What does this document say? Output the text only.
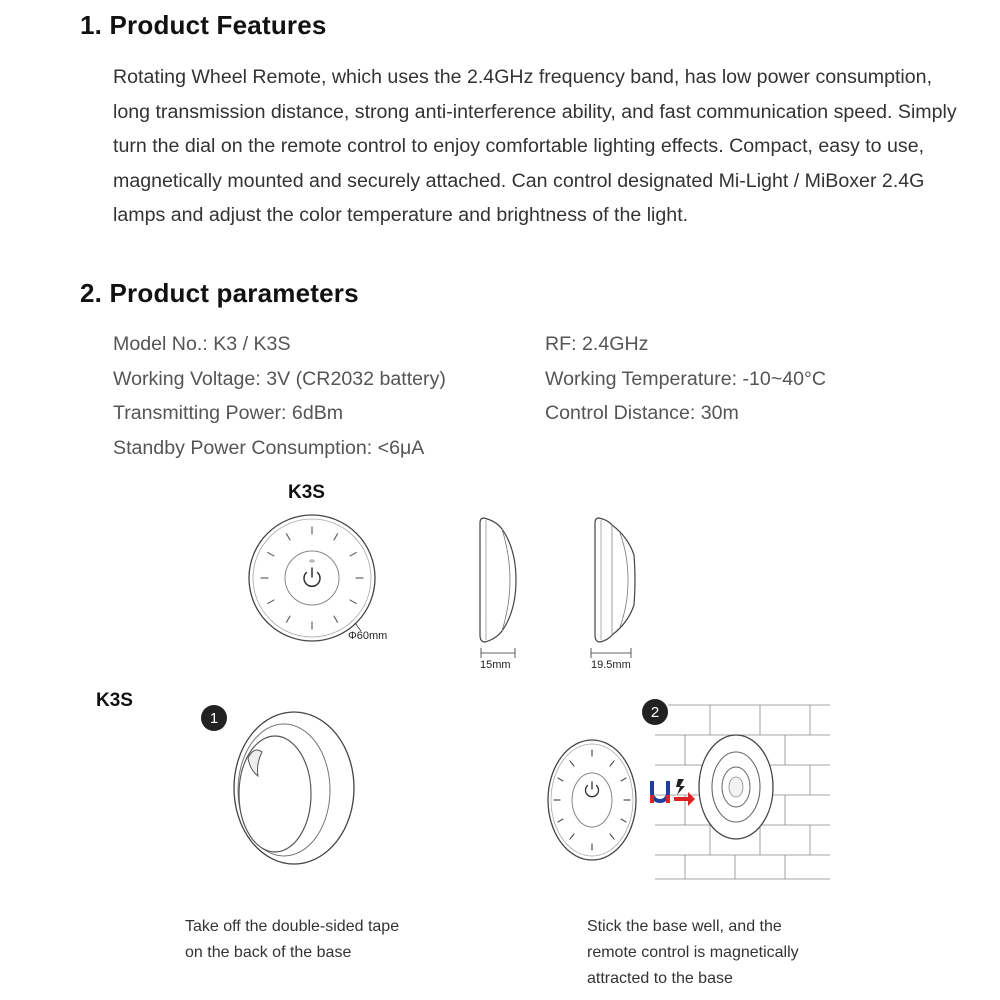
1. Product Features

Rotating Wheel Remote, which uses the 2.4GHz frequency band, has low power consumption, long transmission distance, strong anti-interference ability, and fast communication speed. Simply turn the dial on the remote control to enjoy comfortable lighting effects. Compact, easy to use, magnetically mounted and securely attached. Can control designated Mi-Light / MiBoxer 2.4G lamps and adjust the color temperature and brightness of the light.

2. Product parameters

Model No.: K3 / K3S	RF: 2.4GHz

Working Voltage: 3V (CR2032 battery)	Working Temperature: -10~40°C

Transmitting Power: 6dBm	Control Distance: 30m

Standby Power Consumption: <6μA

K3S

Φ60mm

15mm	19.5mm

K3S

1	2

Take off the double-sided tape

on the back of the base

Stick the base well, and the

remote control is magnetically

attracted to the base
